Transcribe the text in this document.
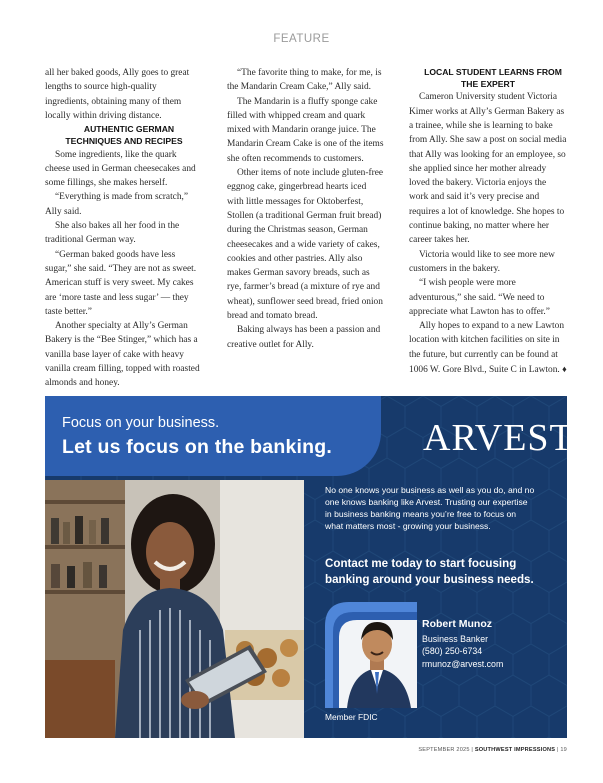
FEATURE

all her baked goods, Ally goes to great lengths to source high-quality ingredients, obtaining many of them locally within driving distance.

AUTHENTIC GERMAN TECHNIQUES AND RECIPES

Some ingredients, like the quark cheese used in German cheesecakes and some fillings, she makes herself.

“Everything is made from scratch,” Ally said.

She also bakes all her food in the traditional German way.

“German baked goods have less sugar,” she said. “They are not as sweet. American stuff is very sweet. My cakes are ‘more taste and less sugar’ — they taste better.”

Another specialty at Ally’s German Bakery is the “Bee Stinger,” which has a vanilla base layer of cake with heavy vanilla cream filling, topped with roasted almonds and honey.

“The favorite thing to make, for me, is the Mandarin Cream Cake,” Ally said.

The Mandarin is a fluffy sponge cake filled with whipped cream and quark mixed with Mandarin orange juice. The Mandarin Cream Cake is one of the items she often recommends to customers.

Other items of note include gluten-free eggnog cake, gingerbread hearts iced with little messages for Oktoberfest, Stollen (a traditional German fruit bread) during the Christmas season, German cheesecakes and a wide variety of cakes, cookies and other pastries. Ally also makes German savory breads, such as rye, farmer’s bread (a mixture of rye and wheat), sunflower seed bread, fried onion bread and tomato bread.

Baking always has been a passion and creative outlet for Ally.

LOCAL STUDENT LEARNS FROM THE EXPERT

Cameron University student Victoria Kimer works at Ally’s German Bakery as a trainee, while she is learning to bake from Ally. She saw a post on social media that Ally was looking for an employee, so she applied since her mother already loved the bakery. Victoria enjoys the work and said it’s very precise and requires a lot of knowledge. She hopes to continue baking, no matter where her career takes her.

Victoria would like to see more new customers in the bakery.

“I wish people were more adventurous,” she said. “We need to appreciate what Lawton has to offer.”

Ally hopes to expand to a new Lawton location with kitchen facilities on site in the future, but currently can be found at 1006 W. Gore Blvd., Suite C in Lawton. ♦

Focus on your business.
Let us focus on the banking. ARVEST®
No one knows your business as well as you do, and no one knows banking like Arvest. Trusting our expertise in business banking means you’re free to focus on what matters most - growing your business.
Contact me today to start focusing banking around your business needs.
Robert Munoz
Business Banker
(580) 250-6734
rmunoz@arvest.com
Member FDIC
SEPTEMBER 2025 | SOUTHWEST IMPRESSIONS | 19
